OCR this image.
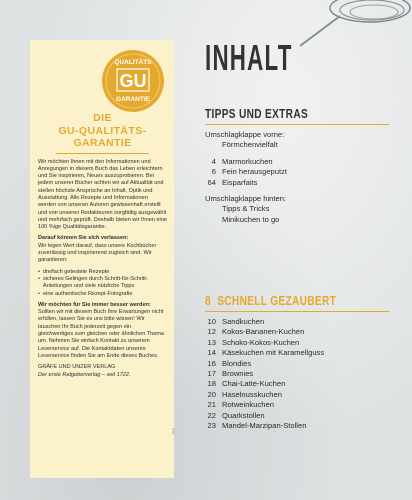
QUALITÄTS
GU
GARANTIE
DIE
GU-QUALITÄTS-
GARANTIE

Wir möchten Ihnen mit den Informationen und Anregungen in diesem Buch das Leben erleichtern und Sie inspirieren, Neues auszuprobieren. Bei jedem unserer Bücher achten wir auf Aktualität und stellen höchste Ansprüche an Inhalt, Optik und Ausstattung. Alle Rezepte und Informationen werden von unseren Autoren gewissenhaft erstellt und von unseren Redakteuren sorgfältig ausgewählt und mehrfach geprüft. Deshalb bieten wir Ihnen eine 100 %ige Qualitätsgarantie.

Darauf können Sie sich verlassen:

Wir legen Wert darauf, dass unsere Kochbücher zuverlässig und inspirierend zugleich sind. Wir garantieren:

• dreifach getestete Rezepte
• sicheres Gelingen durch Schritt-für-Schritt-Anleitungen und viele nützliche Tipps
• eine authentische Rezept-Fotografie

Wir möchten für Sie immer besser werden:

Sollten wir mit diesem Buch Ihre Erwartungen nicht erfüllen, lassen Sie es uns bitte wissen! Wir tauschen Ihr Buch jederzeit gegen ein gleichwertiges zum gleichen oder ähnlichen Thema um. Nehmen Sie einfach Kontakt zu unserem Leserservice auf. Die Kontaktdaten unseres Leserservice finden Sie am Ende dieses Buches.

GRÄFE UND UNZER VERLAG

Der erste Ratgeberverlag – seit 1722.

XIV
INHALT
TIPPS UND EXTRAS
Umschlagklappe vorne:
Förmchenvielfalt
4 Marmorkuchen
6 Fein herausgeputzt
64 Eisparfaits
Umschlagklappe hinten:
Tipps & Tricks
Minikuchen to go
8 SCHNELL GEZAUBERT
10 Sandkuchen
12 Kokos-Bananen-Kuchen
13 Schoko-Kokos-Kuchen
14 Käsekuchen mit Karamellguss
16 Blondies
17 Brownies
18 Chai-Latte-Kuchen
20 Haselnusskuchen
21 Rotweinkuchen
22 Quarkstollen
23 Mandel-Marzipan-Stollen
